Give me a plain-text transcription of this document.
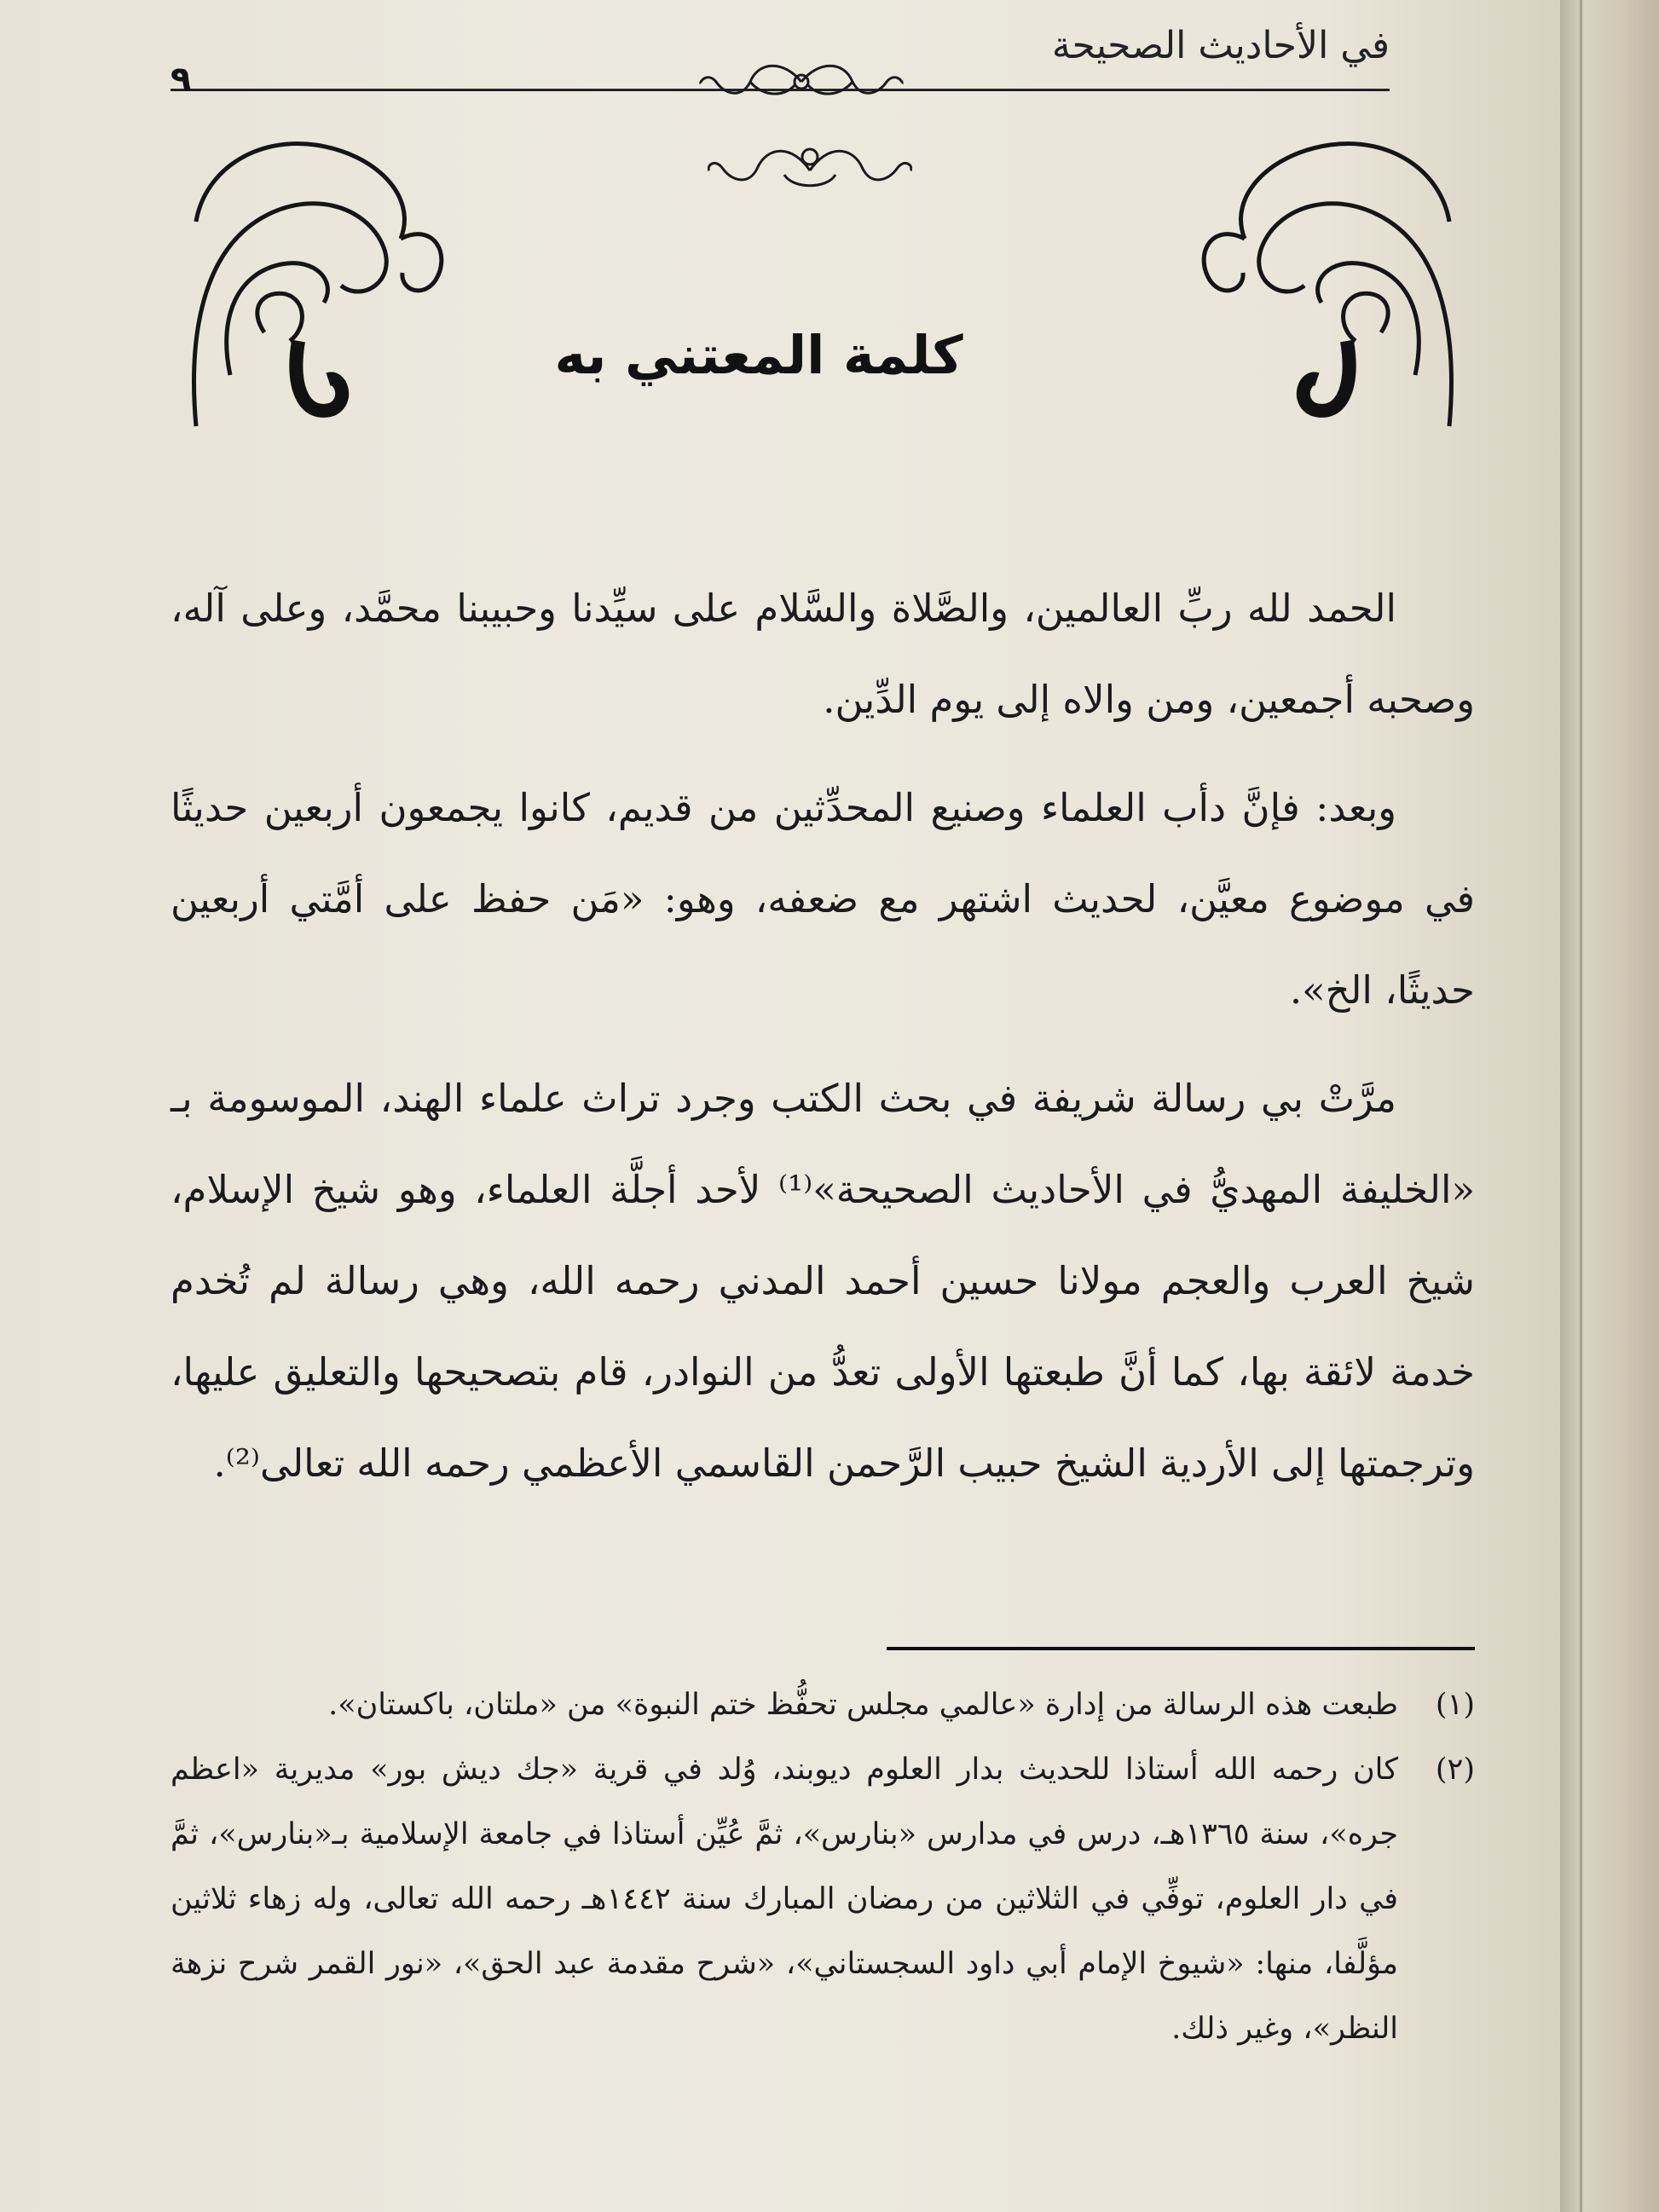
في الأحاديث الصحيحة
٩
كلمة المعتني به

الحمد لله ربِّ العالمين، والصَّلاة والسَّلام على سيِّدنا وحبيبنا محمَّد، وعلى آله، وصحبه أجمعين، ومن والاه إلى يوم الدِّين.

وبعد: فإنَّ دأب العلماء وصنيع المحدِّثين من قديم، كانوا يجمعون أربعين حديثًا في موضوع معيَّن، لحديث اشتهر مع ضعفه، وهو: «مَن حفظ على أمَّتي أربعين حديثًا، الخ».

مرَّتْ بي رسالة شريفة في بحث الكتب وجرد تراث علماء الهند، الموسومة بـ «الخليفة المهديُّ في الأحاديث الصحيحة»⁽¹⁾ لأحد أجلَّة العلماء، وهو شيخ الإسلام، شيخ العرب والعجم مولانا حسين أحمد المدني رحمه الله، وهي رسالة لم تُخدم خدمة لائقة بها، كما أنَّ طبعتها الأولى تعدُّ من النوادر، قام بتصحيحها والتعليق عليها، وترجمتها إلى الأردية الشيخ حبيب الرَّحمن القاسمي الأعظمي رحمه الله تعالى⁽²⁾.

(١)
طبعت هذه الرسالة من إدارة «عالمي مجلس تحفُّظ ختم النبوة» من «ملتان، باكستان».
(٢)
كان رحمه الله أستاذا للحديث بدار العلوم ديوبند، وُلد في قرية «جك ديش بور» مديرية «اعظم جره»، سنة ١٣٦٥هـ، درس في مدارس «بنارس»، ثمَّ عُيِّن أستاذا في جامعة الإسلامية بـ«بنارس»، ثمَّ في دار العلوم، توفِّي في الثلاثين من رمضان المبارك سنة ١٤٤٢هـ رحمه الله تعالى، وله زهاء ثلاثين مؤلَّفا، منها: «شيوخ الإمام أبي داود السجستاني»، «شرح مقدمة عبد الحق»، «نور القمر شرح نزهة النظر»، وغير ذلك.
